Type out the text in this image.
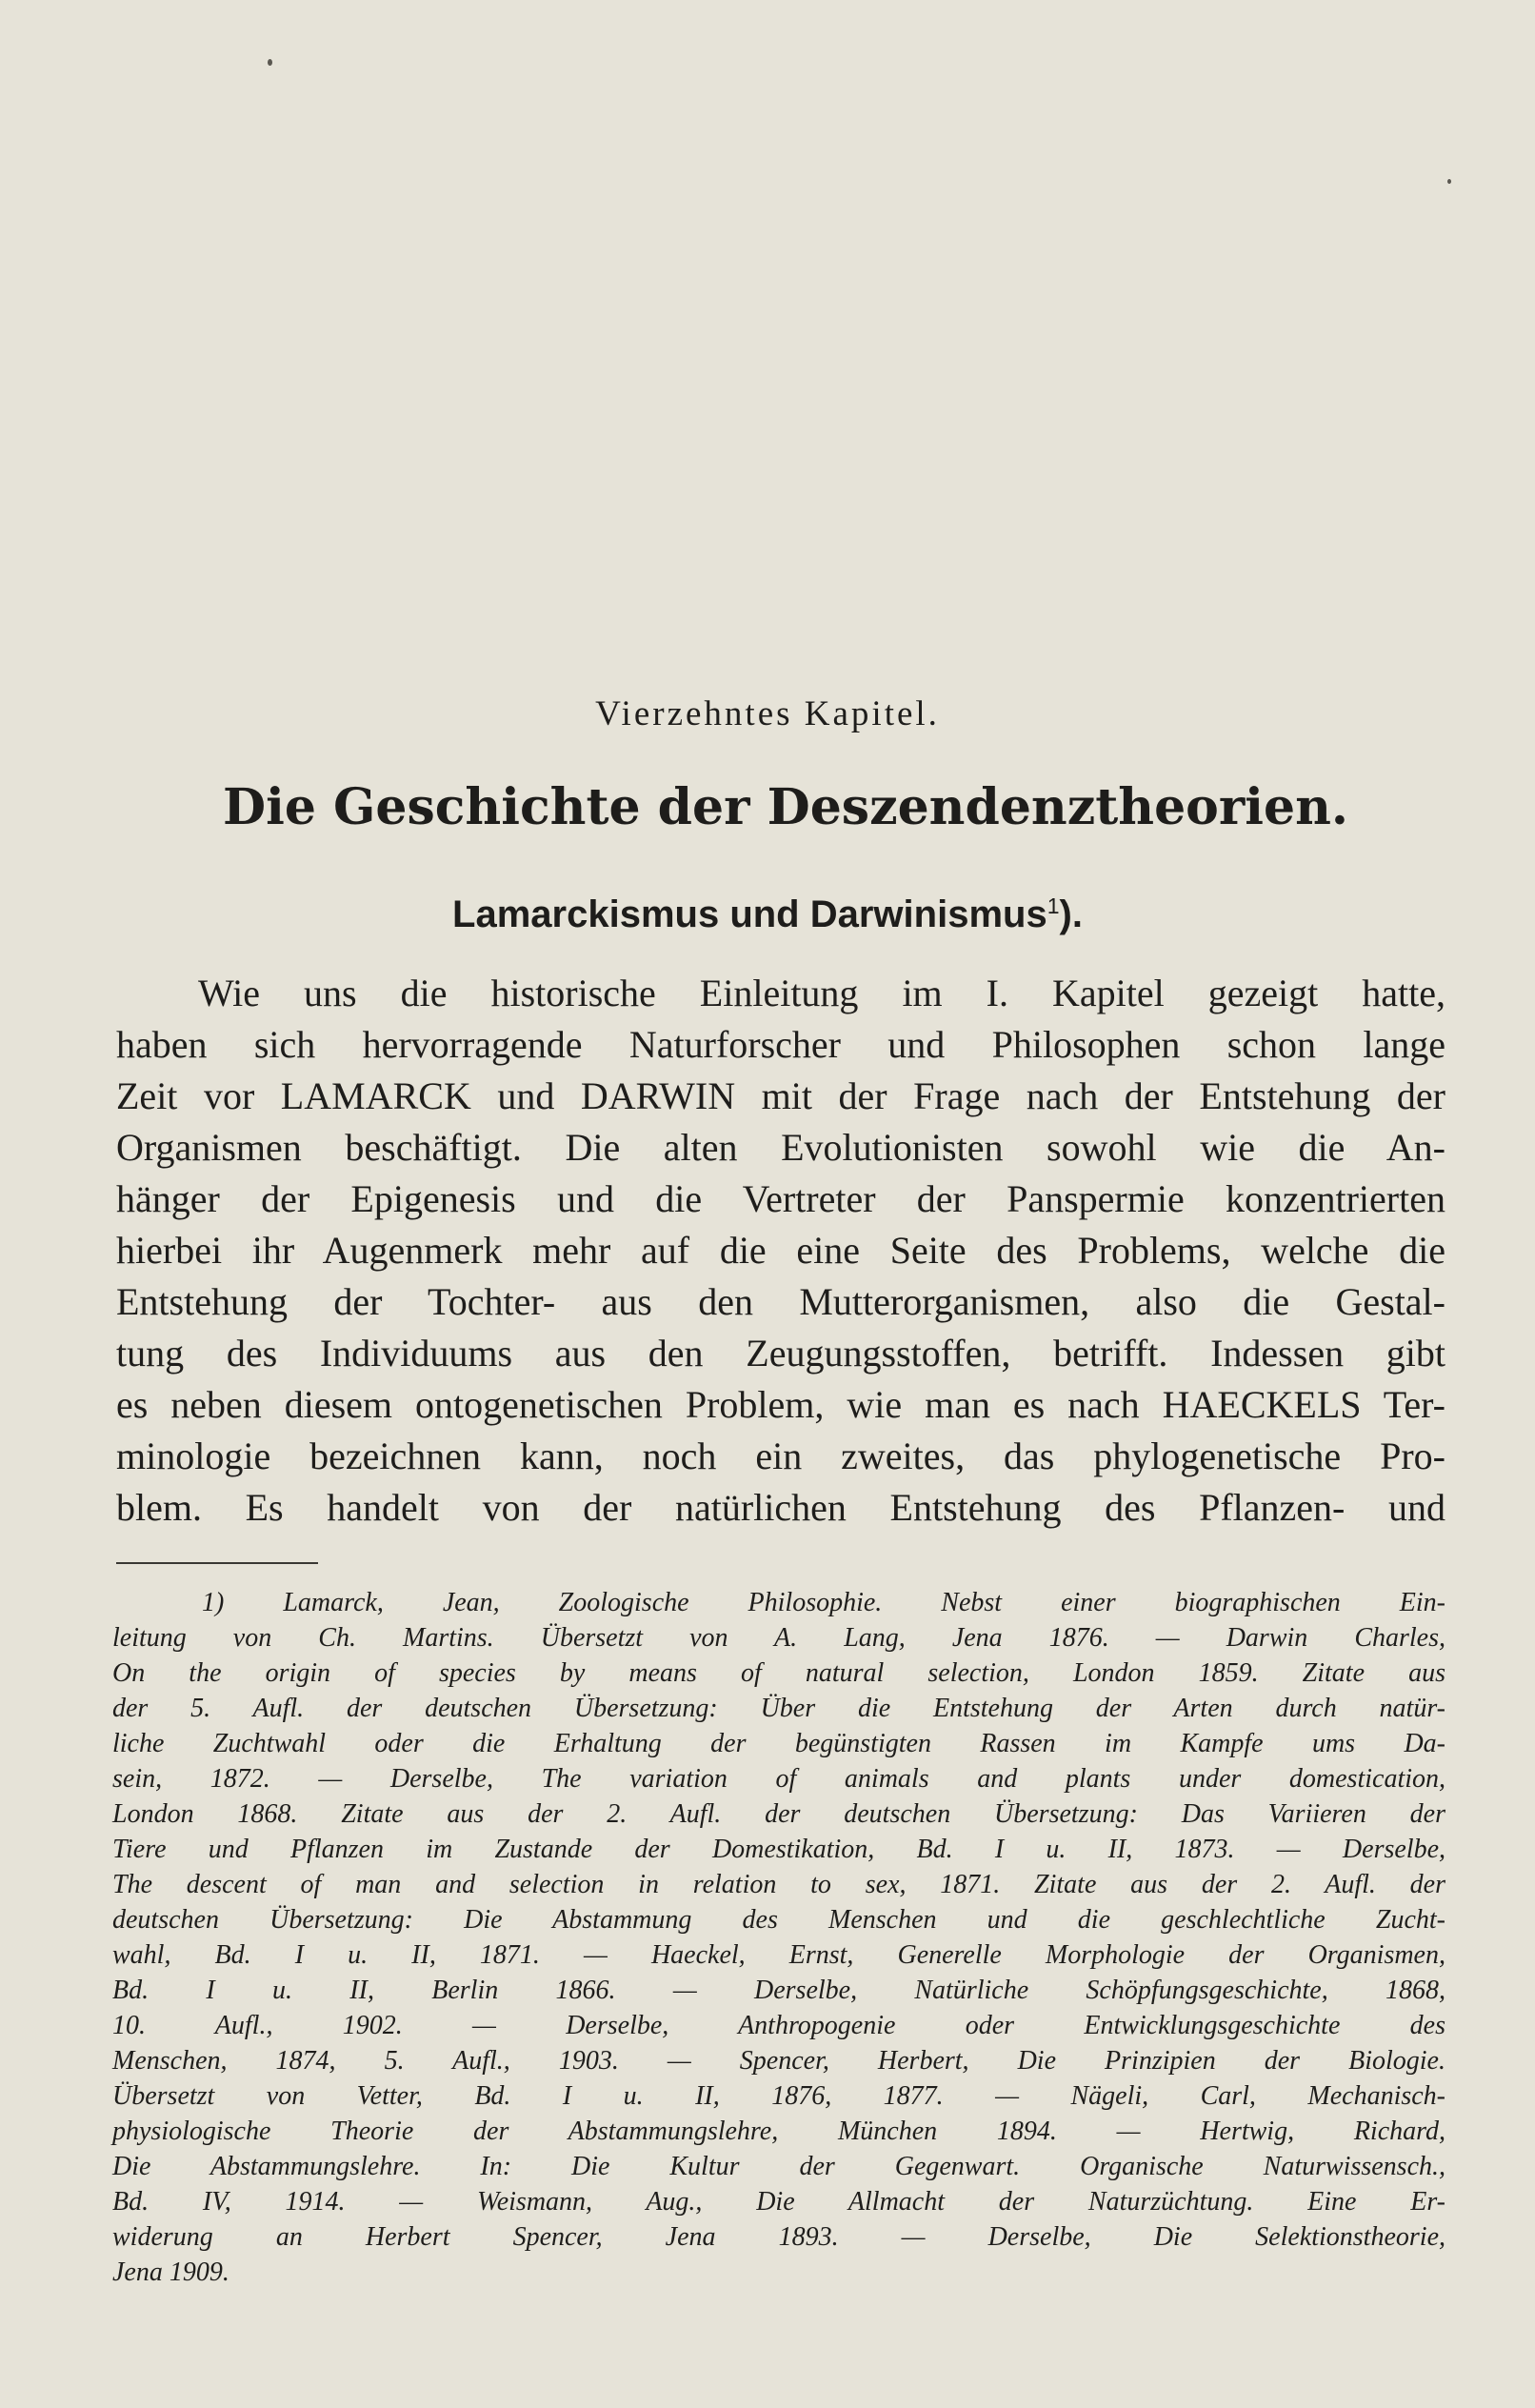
Vierzehntes Kapitel.
Die Geschichte der Deszendenztheorien.
Lamarckismus und Darwinismus$^1$).
Wie uns die historische Einleitung im I. Kapitel gezeigt hatte,
haben sich hervorragende Naturforscher und Philosophen schon lange
Zeit vor LAMARCK und DARWIN mit der Frage nach der Entstehung der
Organismen beschäftigt. Die alten Evolutionisten sowohl wie die An-
hänger der Epigenesis und die Vertreter der Panspermie konzentrierten
hierbei ihr Augenmerk mehr auf die eine Seite des Problems, welche die
Entstehung der Tochter- aus den Mutterorganismen, also die Gestal-
tung des Individuums aus den Zeugungsstoffen, betrifft. Indessen gibt
es neben diesem ontogenetischen Problem, wie man es nach HAECKELS Ter-
minologie bezeichnen kann, noch ein zweites, das phylogenetische Pro-
blem. Es handelt von der natürlichen Entstehung des Pflanzen- und
1) Lamarck, Jean, Zoologische Philosophie. Nebst einer biographischen Ein-
leitung von Ch. Martins. Übersetzt von A. Lang, Jena 1876. — Darwin Charles,
On the origin of species by means of natural selection, London 1859. Zitate aus
der 5. Aufl. der deutschen Übersetzung: Über die Entstehung der Arten durch natür-
liche Zuchtwahl oder die Erhaltung der begünstigten Rassen im Kampfe ums Da-
sein, 1872. — Derselbe, The variation of animals and plants under domestication,
London 1868. Zitate aus der 2. Aufl. der deutschen Übersetzung: Das Variieren der
Tiere und Pflanzen im Zustande der Domestikation, Bd. I u. II, 1873. — Derselbe,
The descent of man and selection in relation to sex, 1871. Zitate aus der 2. Aufl. der
deutschen Übersetzung: Die Abstammung des Menschen und die geschlechtliche Zucht-
wahl, Bd. I u. II, 1871. — Haeckel, Ernst, Generelle Morphologie der Organismen,
Bd. I u. II, Berlin 1866. — Derselbe, Natürliche Schöpfungsgeschichte, 1868,
10. Aufl., 1902. — Derselbe, Anthropogenie oder Entwicklungsgeschichte des
Menschen, 1874, 5. Aufl., 1903. — Spencer, Herbert, Die Prinzipien der Biologie.
Übersetzt von Vetter, Bd. I u. II, 1876, 1877. — Nägeli, Carl, Mechanisch-
physiologische Theorie der Abstammungslehre, München 1894. — Hertwig, Richard,
Die Abstammungslehre. In: Die Kultur der Gegenwart. Organische Naturwissensch.,
Bd. IV, 1914. — Weismann, Aug., Die Allmacht der Naturzüchtung. Eine Er-
widerung an Herbert Spencer, Jena 1893. — Derselbe, Die Selektionstheorie,
Jena 1909.
